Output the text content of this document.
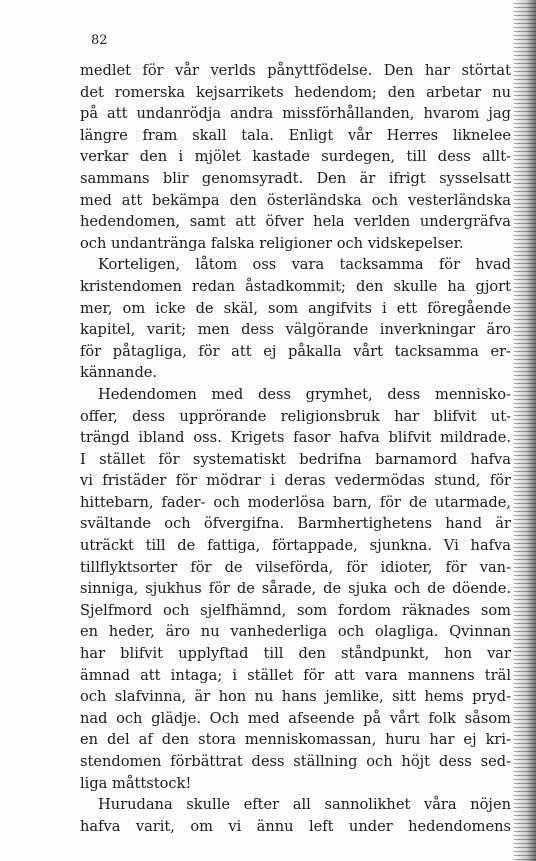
82
medlet för vår verlds pånyttfödelse. Den har störtat
det romerska kejsarrikets hedendom; den arbetar nu
på att undanrödja andra missförhållanden, hvarom jag
längre fram skall tala. Enligt vår Herres liknelee
verkar den i mjölet kastade surdegen, till dess allt-
sammans blir genomsyradt. Den är ifrigt sysselsatt
med att bekämpa den österländska och vesterländska
hedendomen, samt att öfver hela verlden undergräfva
och undantränga falska religioner och vidskepelser.
Korteligen, låtom oss vara tacksamma för hvad
kristendomen redan åstadkommit; den skulle ha gjort
mer, om icke de skäl, som angifvits i ett föregående
kapitel, varit; men dess välgörande inverkningar äro
för påtagliga, för att ej påkalla vårt tacksamma er-
kännande.
Hedendomen med dess grymhet, dess mennisko-
offer, dess upprörande religionsbruk har blifvit ut-
trängd ibland oss. Krigets fasor hafva blifvit mildrade.
I stället för systematiskt bedrifna barnamord hafva
vi fristäder för mödrar i deras vedermödas stund, för
hittebarn, fader- och moderlösa barn, för de utarmade,
svältande och öfvergifna. Barmhertighetens hand är
uträckt till de fattiga, förtappade, sjunkna. Vi hafva
tillflyktsorter för de vilseförda, för idioter, för van-
sinniga, sjukhus för de sårade, de sjuka och de döende.
Sjelfmord och sjelfhämnd, som fordom räknades som
en heder, äro nu vanhederliga och olagliga. Qvinnan
har blifvit upplyftad till den ståndpunkt, hon var
ämnad att intaga; i stället för att vara mannens träl
och slafvinna, är hon nu hans jemlike, sitt hems pryd-
nad och glädje. Och med afseende på vårt folk såsom
en del af den stora menniskomassan, huru har ej kri-
stendomen förbättrat dess ställning och höjt dess sed-
liga måttstock!
Hurudana skulle efter all sannolikhet våra nöjen
hafva varit, om vi ännu left under hedendomens
